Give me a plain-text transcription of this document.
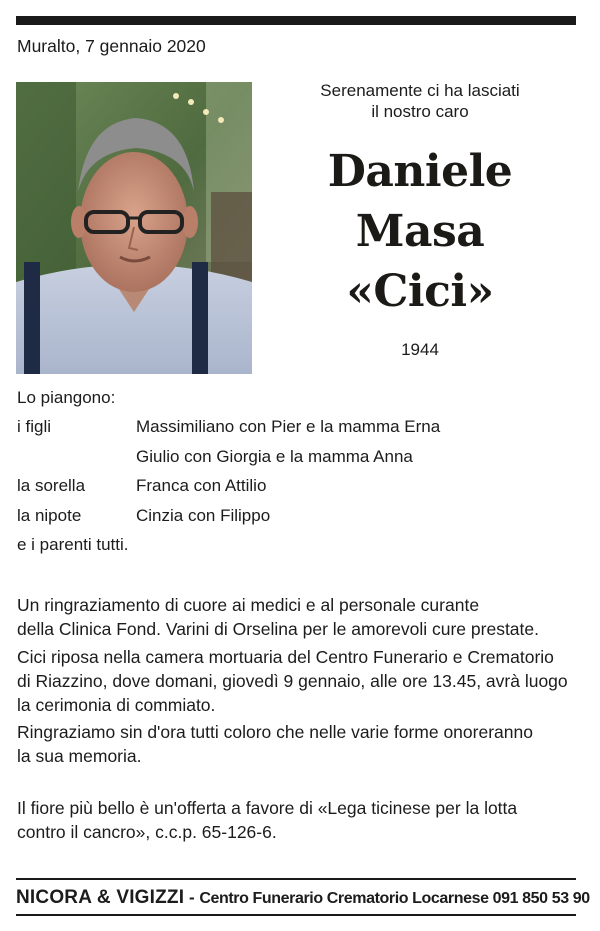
Muralto, 7 gennaio 2020
Serenamente ci ha lasciati
il nostro caro
Daniele
Masa
«Cici»
1944
Lo piangono:
i figli	Massimiliano con Pier e la mamma Erna
Giulio con Giorgia e la mamma Anna
la sorella	Franca con Attilio
la nipote	Cinzia con Filippo
e i parenti tutti.
Un ringraziamento di cuore ai medici e al personale curante
della Clinica Fond. Varini di Orselina per le amorevoli cure prestate.
Cici riposa nella camera mortuaria del Centro Funerario e Crematorio
di Riazzino, dove domani, giovedì 9 gennaio, alle ore 13.45, avrà luogo
la cerimonia di commiato.
Ringraziamo sin d'ora tutti coloro che nelle varie forme onoreranno
la sua memoria.
Il fiore più bello è un'offerta a favore di «Lega ticinese per la lotta
contro il cancro», c.c.p. 65-126-6.
NICORA & VIGIZZI - Centro Funerario Crematorio Locarnese 091 850 53 90
